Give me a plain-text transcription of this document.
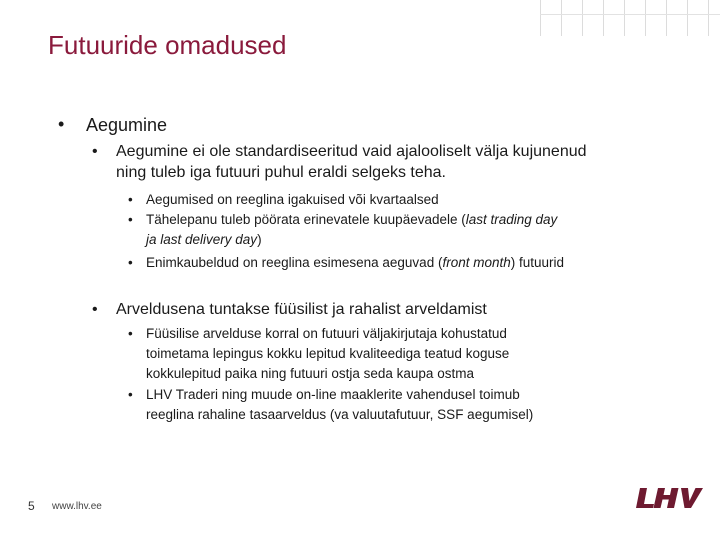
Futuuride omadused
• Aegumine
• Aegumine ei ole standardiseeritud vaid ajalooliselt välja kujunenud
ning tuleb iga futuuri puhul eraldi selgeks teha.
• Aegumised on reeglina igakuised või kvartaalsed
• Tähelepanu tuleb pöörata erinevatele kuupäevadele (last trading day
ja last delivery day)
• Enimkaubeldud on reeglina esimesena aeguvad (front month) futuurid
• Arveldusena tuntakse füüsilist ja rahalist arveldamist
• Füüsilise arvelduse korral on futuuri väljakirjutaja kohustatud
toimetama lepingus kokku lepitud kvaliteediga teatud koguse
kokkulepitud paika ning futuuri ostja seda kaupa ostma
• LHV Traderi ning muude on-line maaklerite vahendusel toimub
reeglina rahaline tasaarveldus (va valuutafutuur, SSF aegumisel)
5 www.lhv.ee
